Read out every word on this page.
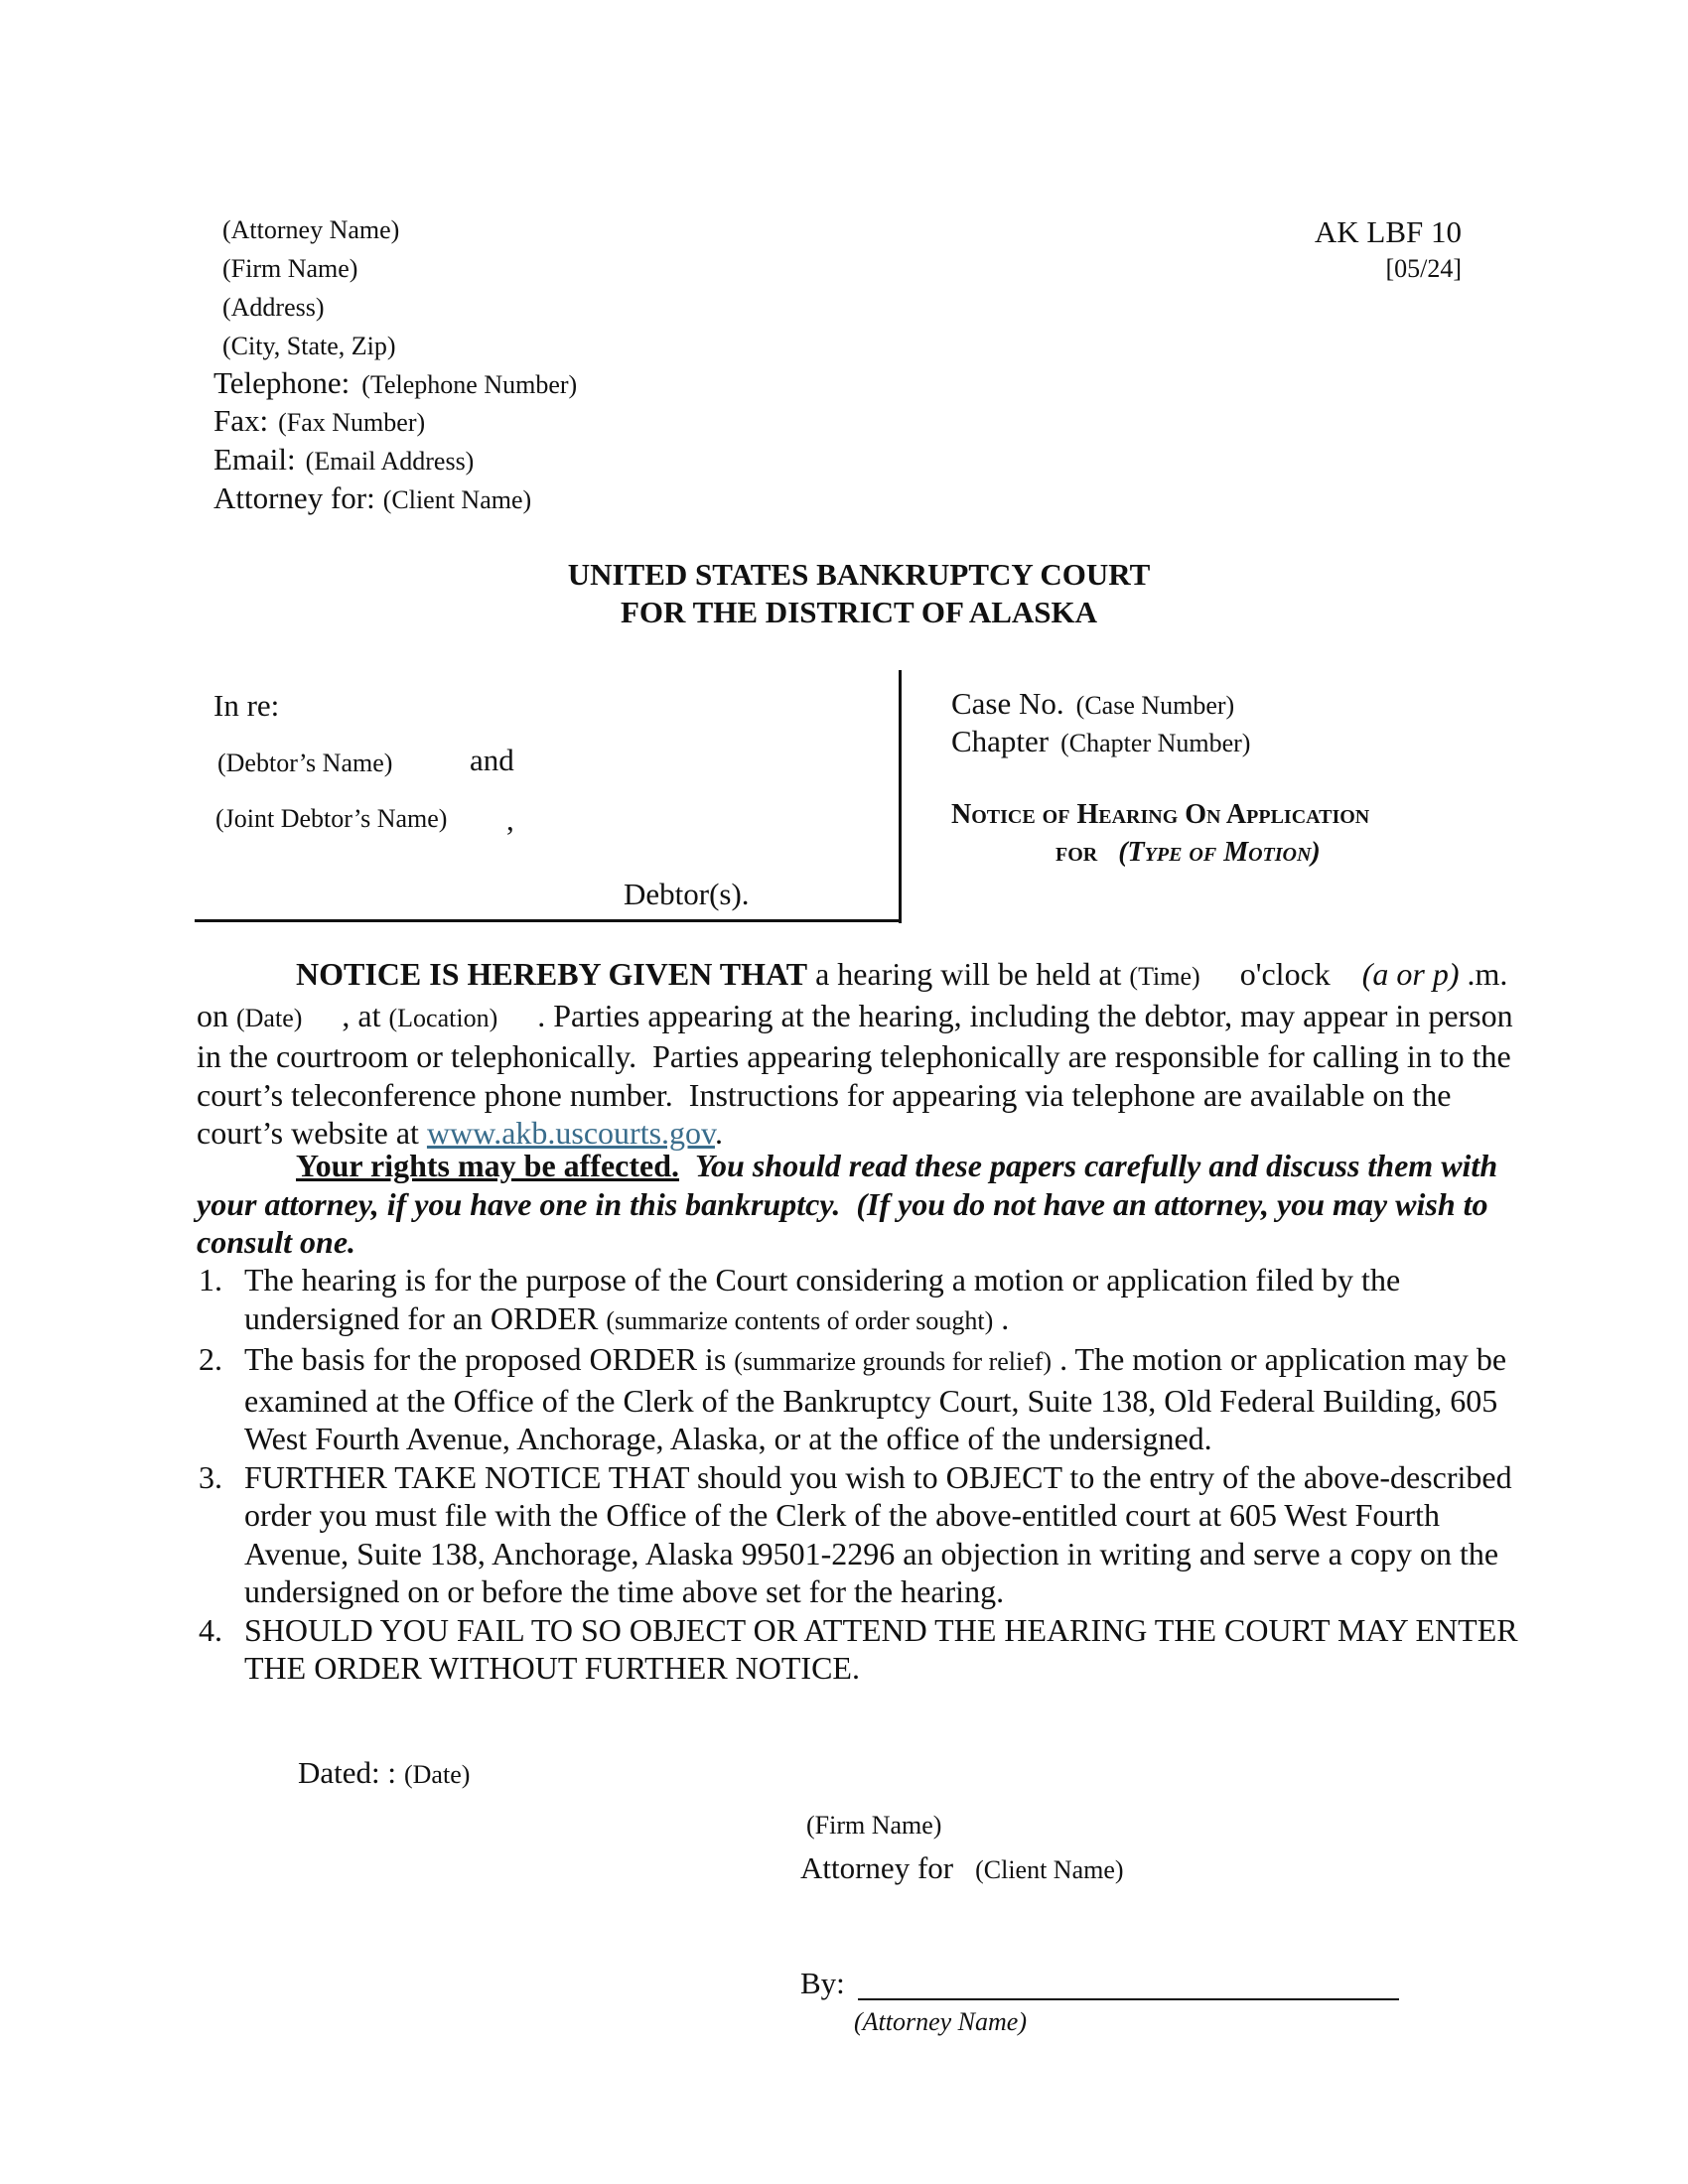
(Attorney Name)
(Firm Name)
(Address)
(City, State, Zip)
Telephone: (Telephone Number)
Fax: (Fax Number)
Email: (Email Address)
Attorney for: (Client Name)
AK LBF 10
[05/24]
UNITED STATES BANKRUPTCY COURT
FOR THE DISTRICT OF ALASKA
In re:
(Debtor’s Name)	and
(Joint Debtor’s Name) ,
Debtor(s).
Case No. (Case Number)
Chapter (Chapter Number)
Notice of Hearing On Application
for (Type of Motion)
NOTICE IS HEREBY GIVEN THAT a hearing will be held at (Time) o'clock (a or p) .m. on (Date) , at (Location) . Parties appearing at the hearing, including the debtor, may appear in person in the courtroom or telephonically.  Parties appearing telephonically are responsible for calling in to the court’s teleconference phone number.  Instructions for appearing via telephone are available on the court’s website at www.akb.uscourts.gov.
Your rights may be affected. You should read these papers carefully and discuss them with your attorney, if you have one in this bankruptcy.  (If you do not have an attorney, you may wish to consult one.
1. The hearing is for the purpose of the Court considering a motion or application filed by the undersigned for an ORDER (summarize contents of order sought) .
2. The basis for the proposed ORDER is (summarize grounds for relief) . The motion or application may be examined at the Office of the Clerk of the Bankruptcy Court, Suite 138, Old Federal Building, 605 West Fourth Avenue, Anchorage, Alaska, or at the office of the undersigned.
3. FURTHER TAKE NOTICE THAT should you wish to OBJECT to the entry of the above-described order you must file with the Office of the Clerk of the above-entitled court at 605 West Fourth Avenue, Suite 138, Anchorage, Alaska 99501-2296 an objection in writing and serve a copy on the undersigned on or before the time above set for the hearing.
4. SHOULD YOU FAIL TO SO OBJECT OR ATTEND THE HEARING THE COURT MAY ENTER THE ORDER WITHOUT FURTHER NOTICE.
Dated: : (Date)
(Firm Name)
Attorney for (Client Name)
By:
(Attorney Name)
